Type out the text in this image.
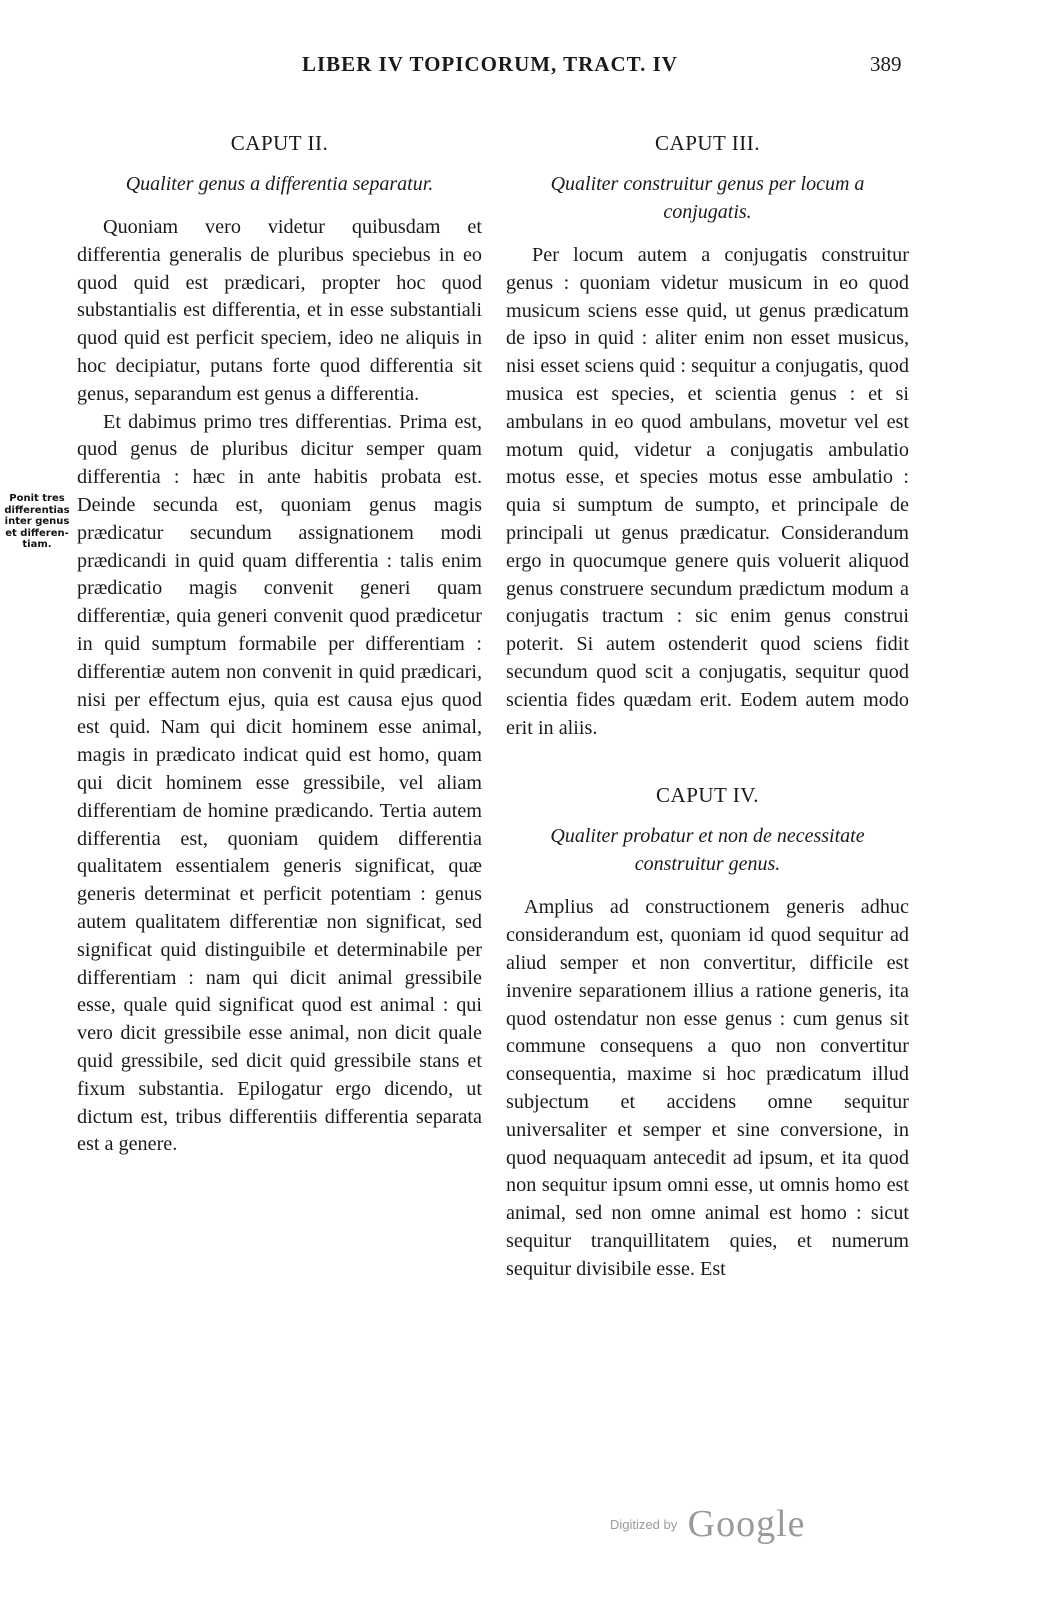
LIBER IV TOPICORUM, TRACT. IV	389
Ponit tres
differentias
inter genus
et differen-
tiam.
CAPUT II.
Qualiter genus a differentia separatur.

Quoniam vero videtur quibusdam et differentia generalis de pluribus speciebus in eo quod quid est prædicari, propter hoc quod substantialis est differentia, et in esse substantiali quod quid est perficit speciem, ideo ne aliquis in hoc decipiatur, putans forte quod differentia sit genus, separandum est genus a differentia.

Et dabimus primo tres differentias. Prima est, quod genus de pluribus dicitur semper quam differentia : hæc in ante habitis probata est. Deinde secunda est, quoniam genus magis prædicatur secundum assignationem modi prædicandi in quid quam differentia : talis enim prædicatio magis convenit generi quam differentiæ, quia generi convenit quod prædicetur in quid sumptum formabile per differentiam : differentiæ autem non convenit in quid prædicari, nisi per effectum ejus, quia est causa ejus quod est quid. Nam qui dicit hominem esse animal, magis in prædicato indicat quid est homo, quam qui dicit hominem esse gressibile, vel aliam differentiam de homine prædicando. Tertia autem differentia est, quoniam quidem differentia qualitatem essentialem generis significat, quæ generis determinat et perficit potentiam : genus autem qualitatem differentiæ non significat, sed significat quid distinguibile et determinabile per differentiam : nam qui dicit animal gressibile esse, quale quid significat quod est animal : qui vero dicit gressibile esse animal, non dicit quale quid gressibile, sed dicit quid gressibile stans et fixum substantia. Epilogatur ergo dicendo, ut dictum est, tribus differentiis differentia separata est a genere.

CAPUT III.
Qualiter construitur genus per locum a conjugatis.

Per locum autem a conjugatis construitur genus : quoniam videtur musicum in eo quod musicum sciens esse quid, ut genus prædicatum de ipso in quid : aliter enim non esset musicus, nisi esset sciens quid : sequitur a conjugatis, quod musica est species, et scientia genus : et si ambulans in eo quod ambulans, movetur vel est motum quid, videtur a conjugatis ambulatio motus esse, et species motus esse ambulatio : quia si sumptum de sumpto, et principale de principali ut genus prædicatur. Considerandum ergo in quocumque genere quis voluerit aliquod genus construere secundum prædictum modum a conjugatis tractum : sic enim genus construi poterit. Si autem ostenderit quod sciens fidit secundum quod scit a conjugatis, sequitur quod scientia fides quædam erit. Eodem autem modo erit in aliis.

CAPUT IV.
Qualiter probatur et non de necessitate construitur genus.

Amplius ad constructionem generis adhuc considerandum est, quoniam id quod sequitur ad aliud semper et non convertitur, difficile est invenire separationem illius a ratione generis, ita quod ostendatur non esse genus : cum genus sit commune consequens a quo non convertitur consequentia, maxime si hoc prædicatum illud subjectum et accidens omne sequitur universaliter et semper et sine conversione, in quod nequaquam antecedit ad ipsum, et ita quod non sequitur ipsum omni esse, ut omnis homo est animal, sed non omne animal est homo : sicut sequitur tranquillitatem quies, et numerum sequitur divisibile esse. Est

Digitized by Google
